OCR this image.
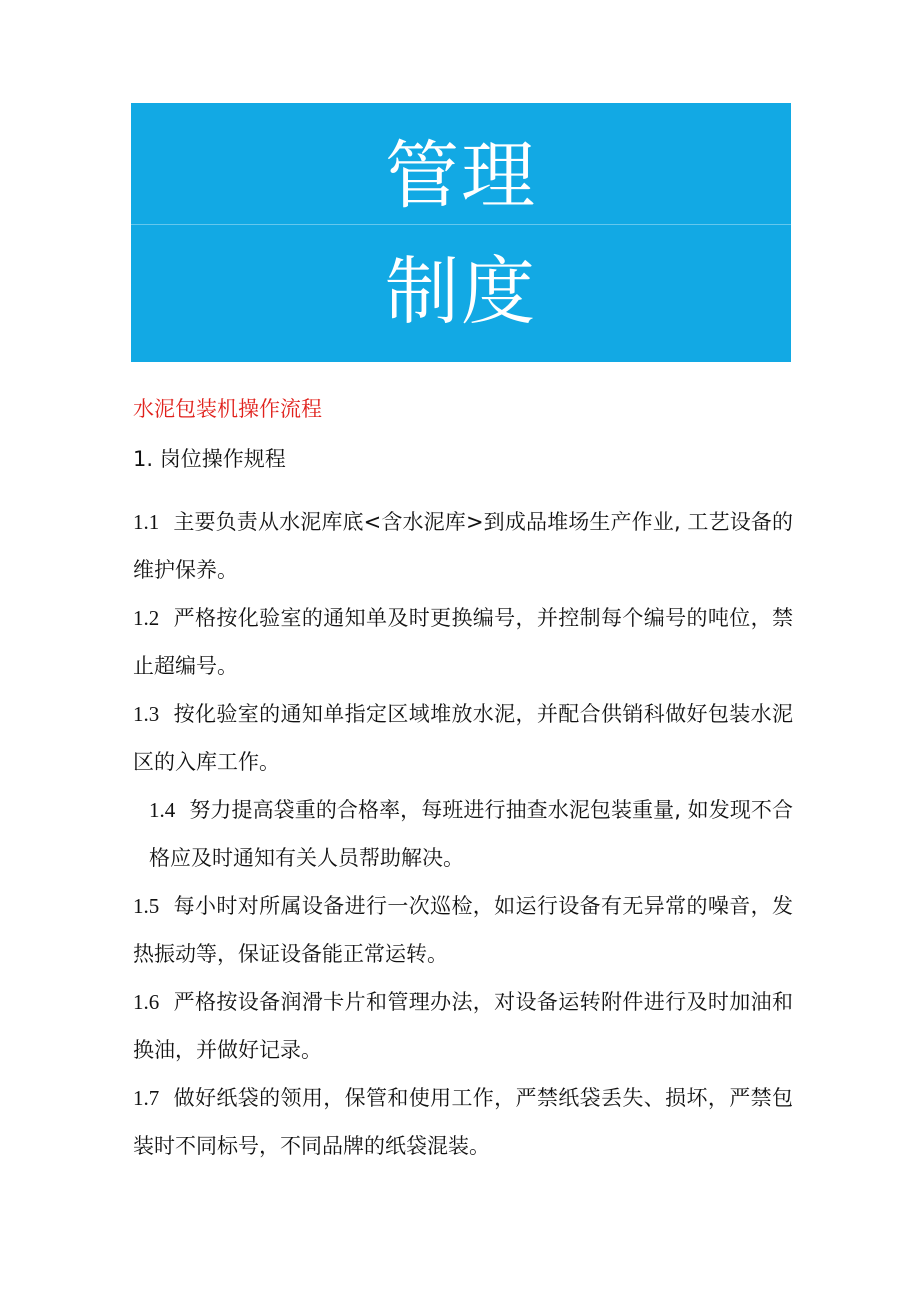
管理
制度
水泥包装机操作流程
1. 岗位操作规程

1.1 主要负责从水泥库底<含水泥库>到成品堆场生产作业, 工艺设备的维护保养。

1.2 严格按化验室的通知单及时更换编号，并控制每个编号的吨位，禁止超编号。

1.3 按化验室的通知单指定区域堆放水泥，并配合供销科做好包装水泥区的入库工作。

1.4 努力提高袋重的合格率，每班进行抽查水泥包装重量, 如发现不合格应及时通知有关人员帮助解决。

1.5 每小时对所属设备进行一次巡检，如运行设备有无异常的噪音，发热振动等，保证设备能正常运转。

1.6 严格按设备润滑卡片和管理办法，对设备运转附件进行及时加油和换油，并做好记录。

1.7 做好纸袋的领用，保管和使用工作，严禁纸袋丢失、损坏，严禁包装时不同标号，不同品牌的纸袋混装。
